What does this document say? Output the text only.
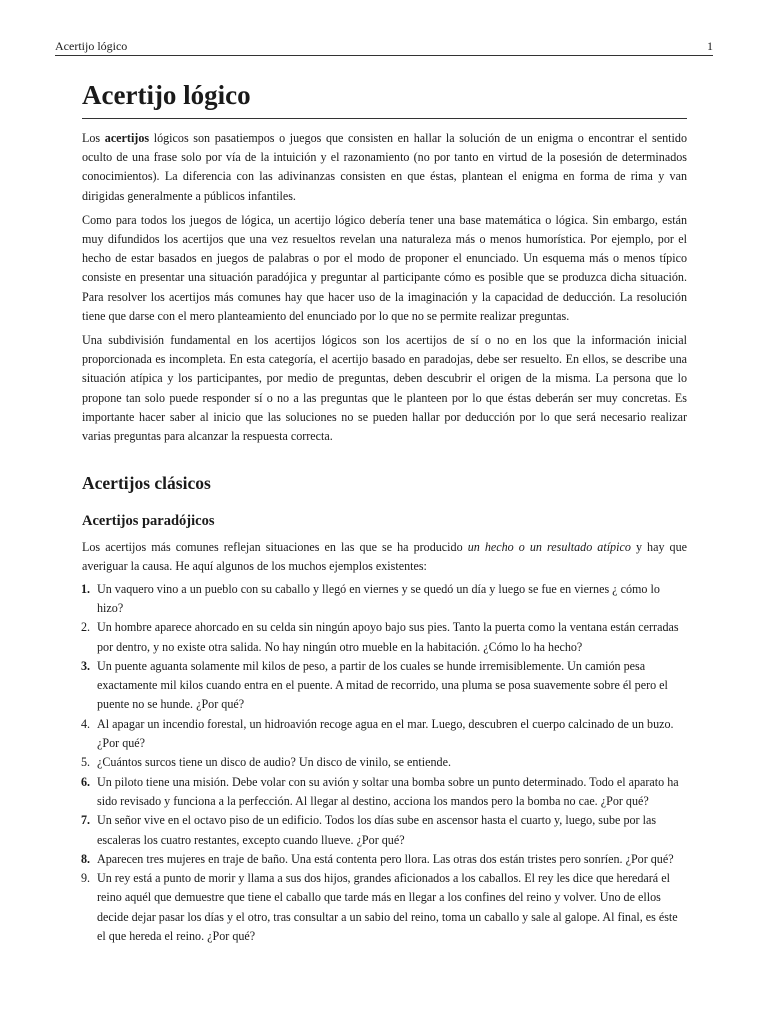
Acertijo lógico	1
Acertijo lógico

Los acertijos lógicos son pasatiempos o juegos que consisten en hallar la solución de un enigma o encontrar el sentido oculto de una frase solo por vía de la intuición y el razonamiento (no por tanto en virtud de la posesión de determinados conocimientos). La diferencia con las adivinanzas consisten en que éstas, plantean el enigma en forma de rima y van dirigidas generalmente a públicos infantiles.

Como para todos los juegos de lógica, un acertijo lógico debería tener una base matemática o lógica. Sin embargo, están muy difundidos los acertijos que una vez resueltos revelan una naturaleza más o menos humorística. Por ejemplo, por el hecho de estar basados en juegos de palabras o por el modo de proponer el enunciado. Un esquema más o menos típico consiste en presentar una situación paradójica y preguntar al participante cómo es posible que se produzca dicha situación. Para resolver los acertijos más comunes hay que hacer uso de la imaginación y la capacidad de deducción. La resolución tiene que darse con el mero planteamiento del enunciado por lo que no se permite realizar preguntas.

Una subdivisión fundamental en los acertijos lógicos son los acertijos de sí o no en los que la información inicial proporcionada es incompleta. En esta categoría, el acertijo basado en paradojas, debe ser resuelto. En ellos, se describe una situación atípica y los participantes, por medio de preguntas, deben descubrir el origen de la misma. La persona que lo propone tan solo puede responder sí o no a las preguntas que le planteen por lo que éstas deberán ser muy concretas. Es importante hacer saber al inicio que las soluciones no se pueden hallar por deducción por lo que será necesario realizar varias preguntas para alcanzar la respuesta correcta.

Acertijos clásicos
Acertijos paradójicos

Los acertijos más comunes reflejan situaciones en las que se ha producido un hecho o un resultado atípico y hay que averiguar la causa. He aquí algunos de los muchos ejemplos existentes:

1. Un vaquero vino a un pueblo con su caballo y llegó en viernes y se quedó un día y luego se fue en viernes ¿ cómo lo hizo?
2. Un hombre aparece ahorcado en su celda sin ningún apoyo bajo sus pies. Tanto la puerta como la ventana están cerradas por dentro, y no existe otra salida. No hay ningún otro mueble en la habitación. ¿Cómo lo ha hecho?
3. Un puente aguanta solamente mil kilos de peso, a partir de los cuales se hunde irremisiblemente. Un camión pesa exactamente mil kilos cuando entra en el puente. A mitad de recorrido, una pluma se posa suavemente sobre él pero el puente no se hunde. ¿Por qué?
4. Al apagar un incendio forestal, un hidroavión recoge agua en el mar. Luego, descubren el cuerpo calcinado de un buzo. ¿Por qué?
5. ¿Cuántos surcos tiene un disco de audio? Un disco de vinilo, se entiende.
6. Un piloto tiene una misión. Debe volar con su avión y soltar una bomba sobre un punto determinado. Todo el aparato ha sido revisado y funciona a la perfección. Al llegar al destino, acciona los mandos pero la bomba no cae. ¿Por qué?
7. Un señor vive en el octavo piso de un edificio. Todos los días sube en ascensor hasta el cuarto y, luego, sube por las escaleras los cuatro restantes, excepto cuando llueve. ¿Por qué?
8. Aparecen tres mujeres en traje de baño. Una está contenta pero llora. Las otras dos están tristes pero sonríen. ¿Por qué?
9. Un rey está a punto de morir y llama a sus dos hijos, grandes aficionados a los caballos. El rey les dice que heredará el reino aquél que demuestre que tiene el caballo que tarde más en llegar a los confines del reino y volver. Uno de ellos decide dejar pasar los días y el otro, tras consultar a un sabio del reino, toma un caballo y sale al galope. Al final, es éste el que hereda el reino. ¿Por qué?
